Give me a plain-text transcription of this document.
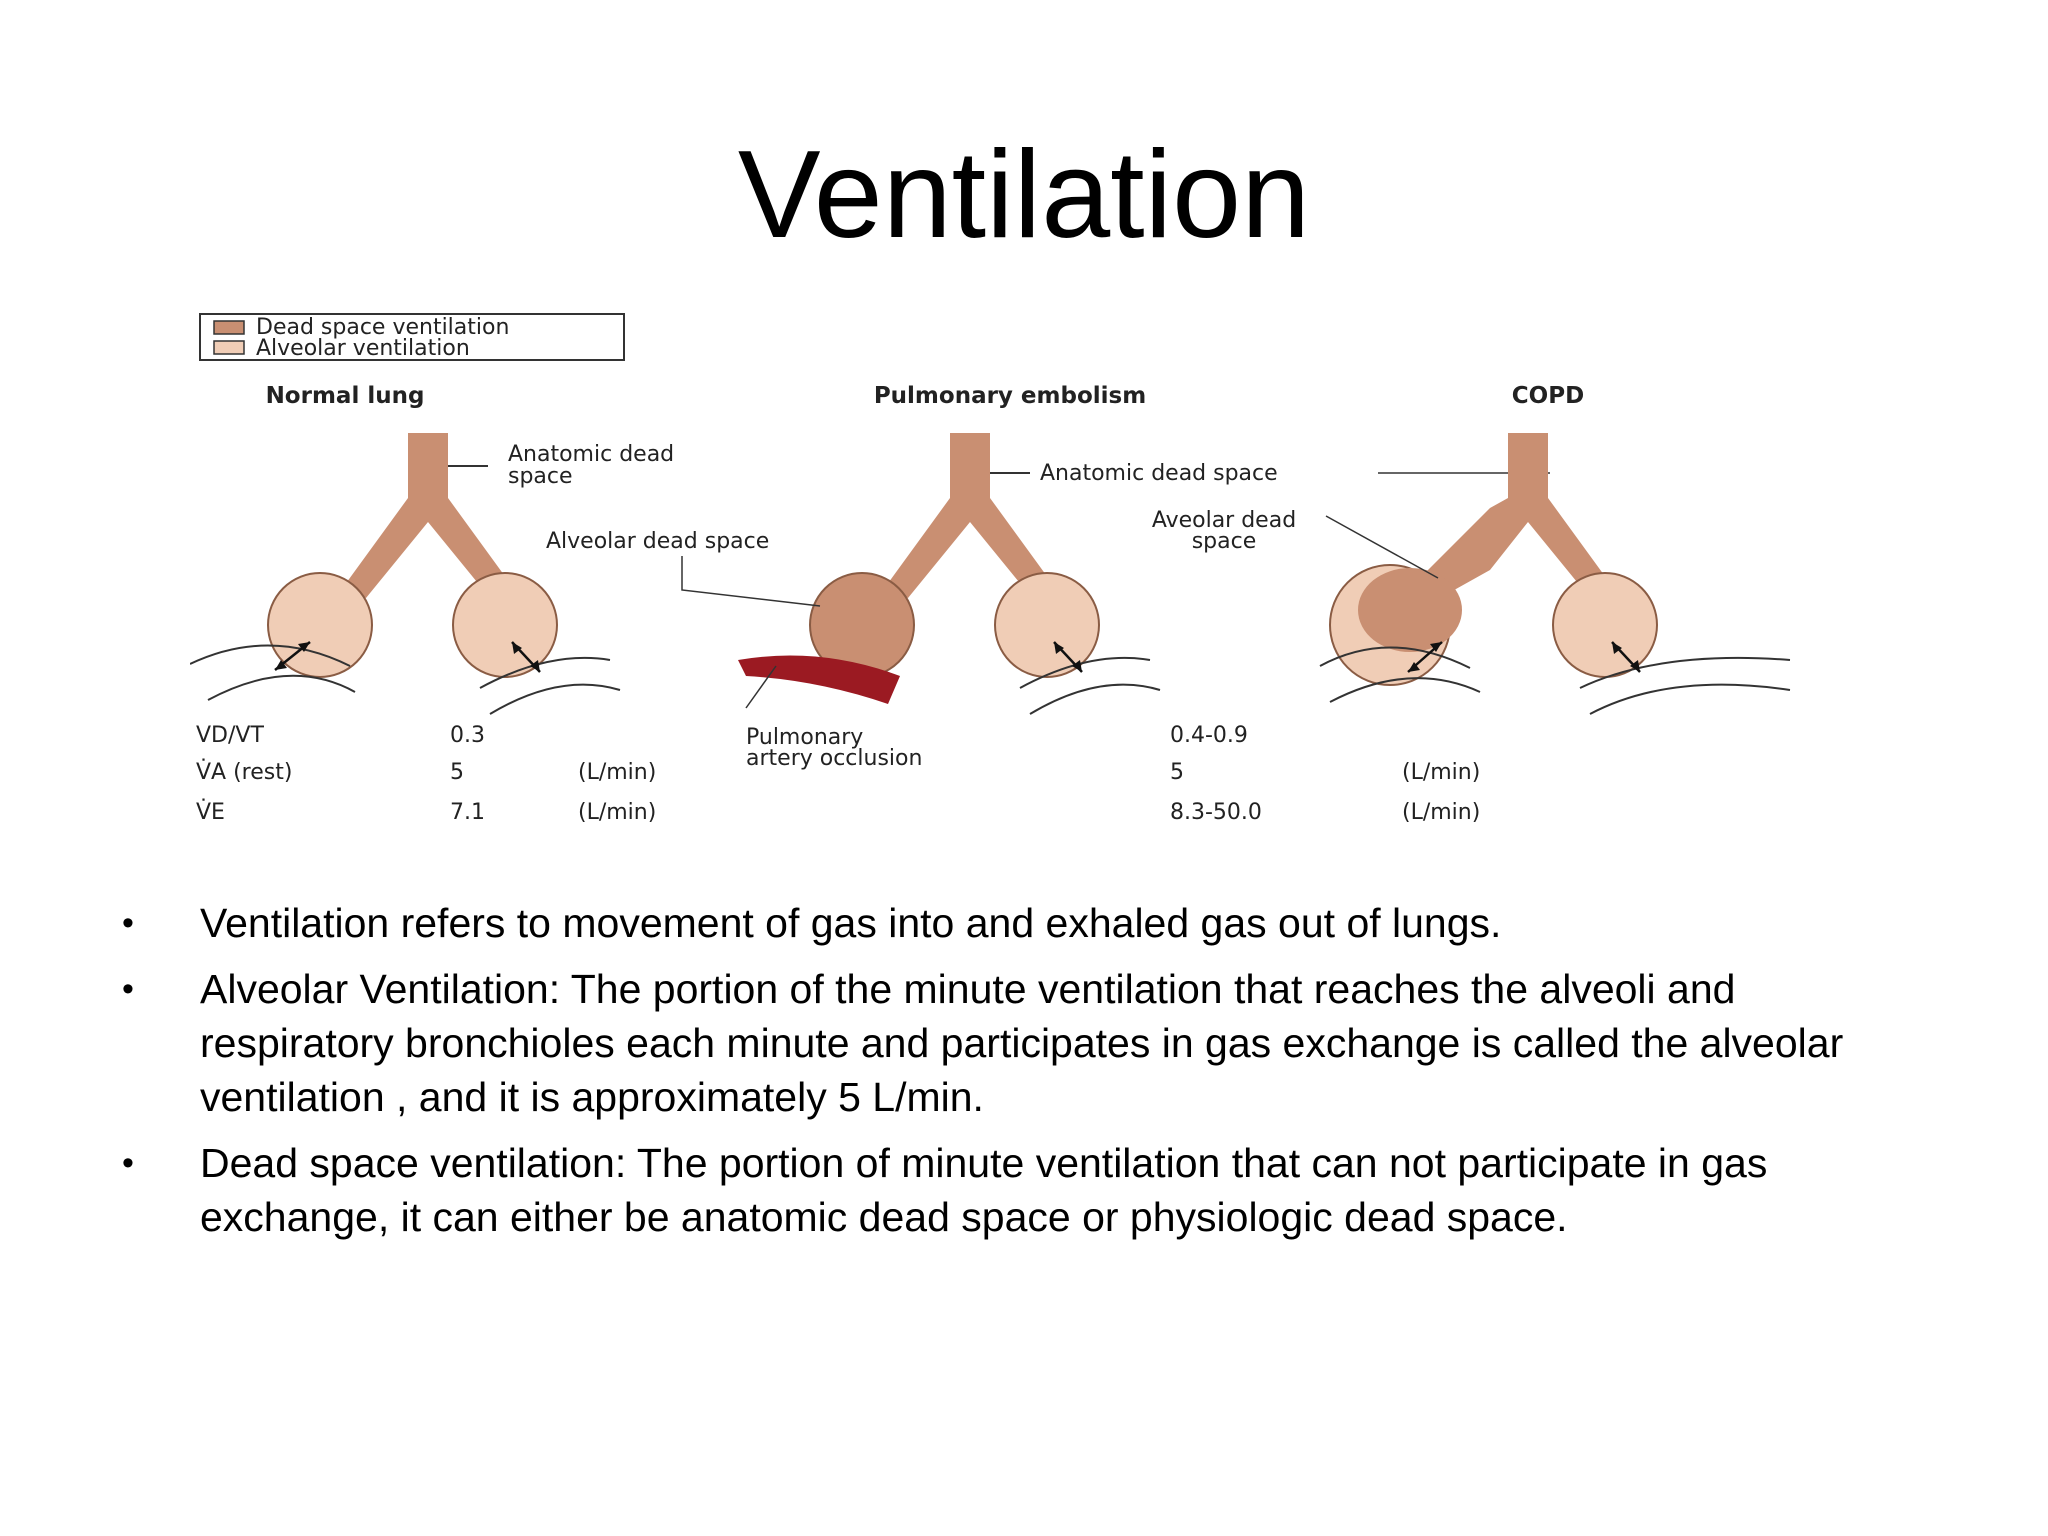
Ventilation
Dead space ventilation
Alveolar ventilation
Normal lung	Pulmonary embolism	COPD
Anatomic dead
space
Alveolar dead space
Anatomic dead space
Pulmonary
artery occlusion
Aveolar dead
space
VD/VT
V̇A (rest)
V̇E
0.3
5
7.1
(L/min)
(L/min)
0.4-0.9
5
8.3-50.0
(L/min)
(L/min)
• Ventilation refers to movement of gas into and exhaled gas out of lungs.
• Alveolar Ventilation: The portion of the minute ventilation that reaches the alveoli and respiratory bronchioles each minute and participates in gas exchange is called the alveolar ventilation , and it is approximately 5 L/min.
• Dead space ventilation: The portion of minute ventilation that can not participate in gas exchange, it can either be anatomic dead space or physiologic dead space.
